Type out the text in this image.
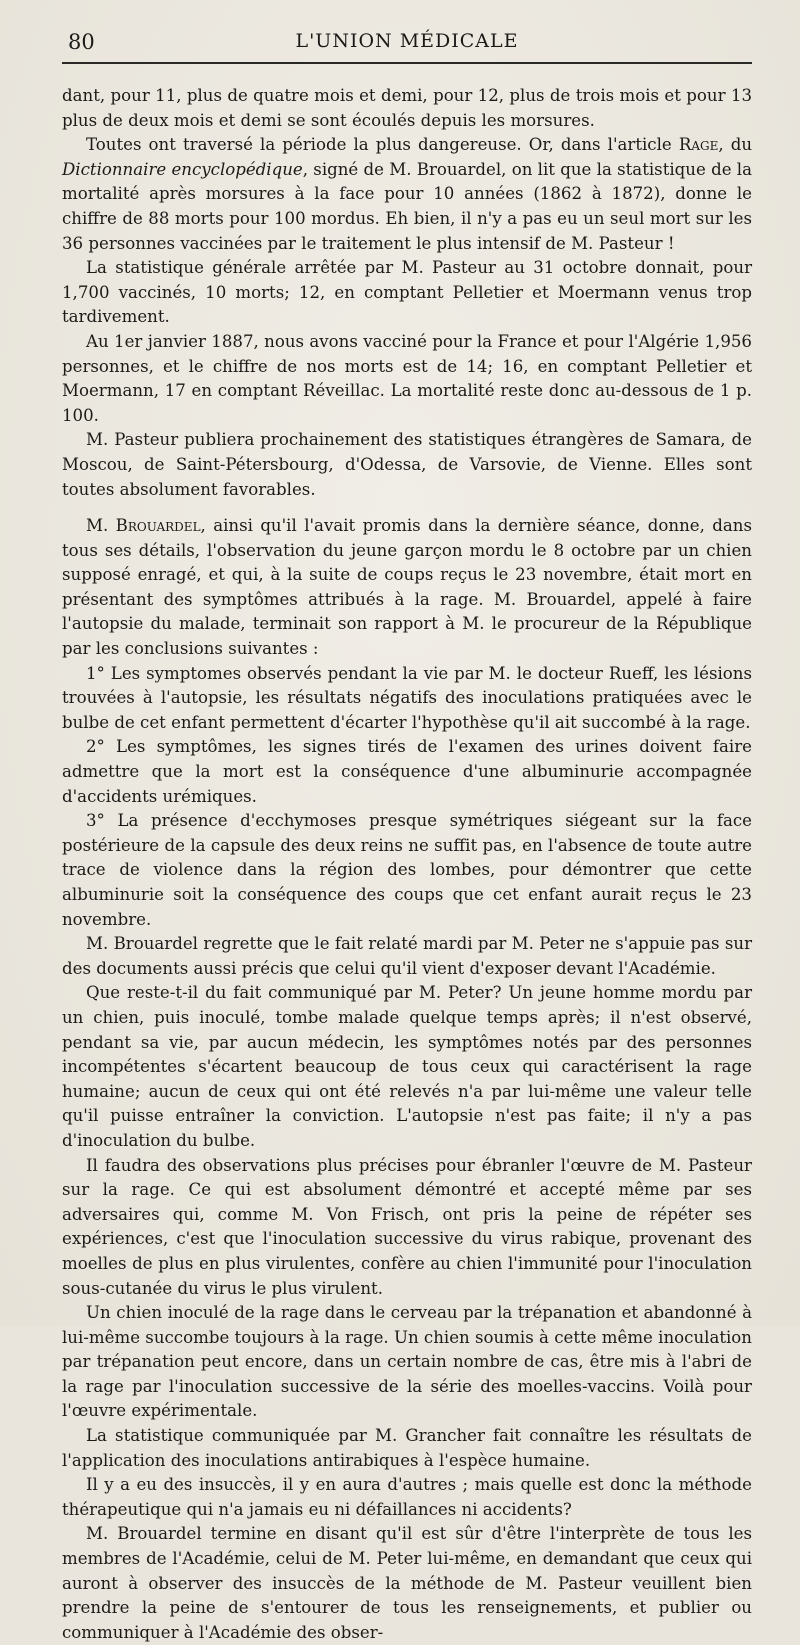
80	L'UNION MÉDICALE

dant, pour 11, plus de quatre mois et demi, pour 12, plus de trois mois et pour 13 plus de deux mois et demi se sont écoulés depuis les morsures.

Toutes ont traversé la période la plus dangereuse. Or, dans l'article Rage, du Dictionnaire encyclopédique, signé de M. Brouardel, on lit que la statistique de la mortalité après morsures à la face pour 10 années (1862 à 1872), donne le chiffre de 88 morts pour 100 mordus. Eh bien, il n'y a pas eu un seul mort sur les 36 personnes vaccinées par le traitement le plus intensif de M. Pasteur !

La statistique générale arrêtée par M. Pasteur au 31 octobre donnait, pour 1,700 vaccinés, 10 morts; 12, en comptant Pelletier et Moermann venus trop tardivement.

Au 1er janvier 1887, nous avons vacciné pour la France et pour l'Algérie 1,956 personnes, et le chiffre de nos morts est de 14; 16, en comptant Pelletier et Moermann, 17 en comptant Réveillac. La mortalité reste donc au-dessous de 1 p. 100.

M. Pasteur publiera prochainement des statistiques étrangères de Samara, de Moscou, de Saint-Pétersbourg, d'Odessa, de Varsovie, de Vienne. Elles sont toutes absolument favorables.

M. Brouardel, ainsi qu'il l'avait promis dans la dernière séance, donne, dans tous ses détails, l'observation du jeune garçon mordu le 8 octobre par un chien supposé enragé, et qui, à la suite de coups reçus le 23 novembre, était mort en présentant des symptômes attribués à la rage. M. Brouardel, appelé à faire l'autopsie du malade, terminait son rapport à M. le procureur de la République par les conclusions suivantes :

1° Les symptomes observés pendant la vie par M. le docteur Rueff, les lésions trouvées à l'autopsie, les résultats négatifs des inoculations pratiquées avec le bulbe de cet enfant permettent d'écarter l'hypothèse qu'il ait succombé à la rage.

2° Les symptômes, les signes tirés de l'examen des urines doivent faire admettre que la mort est la conséquence d'une albuminurie accompagnée d'accidents urémiques.

3° La présence d'ecchymoses presque symétriques siégeant sur la face postérieure de la capsule des deux reins ne suffit pas, en l'absence de toute autre trace de violence dans la région des lombes, pour démontrer que cette albuminurie soit la conséquence des coups que cet enfant aurait reçus le 23 novembre.

M. Brouardel regrette que le fait relaté mardi par M. Peter ne s'appuie pas sur des documents aussi précis que celui qu'il vient d'exposer devant l'Académie.

Que reste-t-il du fait communiqué par M. Peter? Un jeune homme mordu par un chien, puis inoculé, tombe malade quelque temps après; il n'est observé, pendant sa vie, par aucun médecin, les symptômes notés par des personnes incompétentes s'écartent beaucoup de tous ceux qui caractérisent la rage humaine; aucun de ceux qui ont été relevés n'a par lui-même une valeur telle qu'il puisse entraîner la conviction. L'autopsie n'est pas faite; il n'y a pas d'inoculation du bulbe.

Il faudra des observations plus précises pour ébranler l'œuvre de M. Pasteur sur la rage. Ce qui est absolument démontré et accepté même par ses adversaires qui, comme M. Von Frisch, ont pris la peine de répéter ses expériences, c'est que l'inoculation successive du virus rabique, provenant des moelles de plus en plus virulentes, confère au chien l'immunité pour l'inoculation sous-cutanée du virus le plus virulent.

Un chien inoculé de la rage dans le cerveau par la trépanation et abandonné à lui-même succombe toujours à la rage. Un chien soumis à cette même inoculation par trépanation peut encore, dans un certain nombre de cas, être mis à l'abri de la rage par l'inoculation successive de la série des moelles-vaccins. Voilà pour l'œuvre expérimentale.

La statistique communiquée par M. Grancher fait connaître les résultats de l'application des inoculations antirabiques à l'espèce humaine.

Il y a eu des insuccès, il y en aura d'autres ; mais quelle est donc la méthode thérapeutique qui n'a jamais eu ni défaillances ni accidents?

M. Brouardel termine en disant qu'il est sûr d'être l'interprète de tous les membres de l'Académie, celui de M. Peter lui-même, en demandant que ceux qui auront à observer des insuccès de la méthode de M. Pasteur veuillent bien prendre la peine de s'entourer de tous les renseignements, et publier ou communiquer à l'Académie des obser-
